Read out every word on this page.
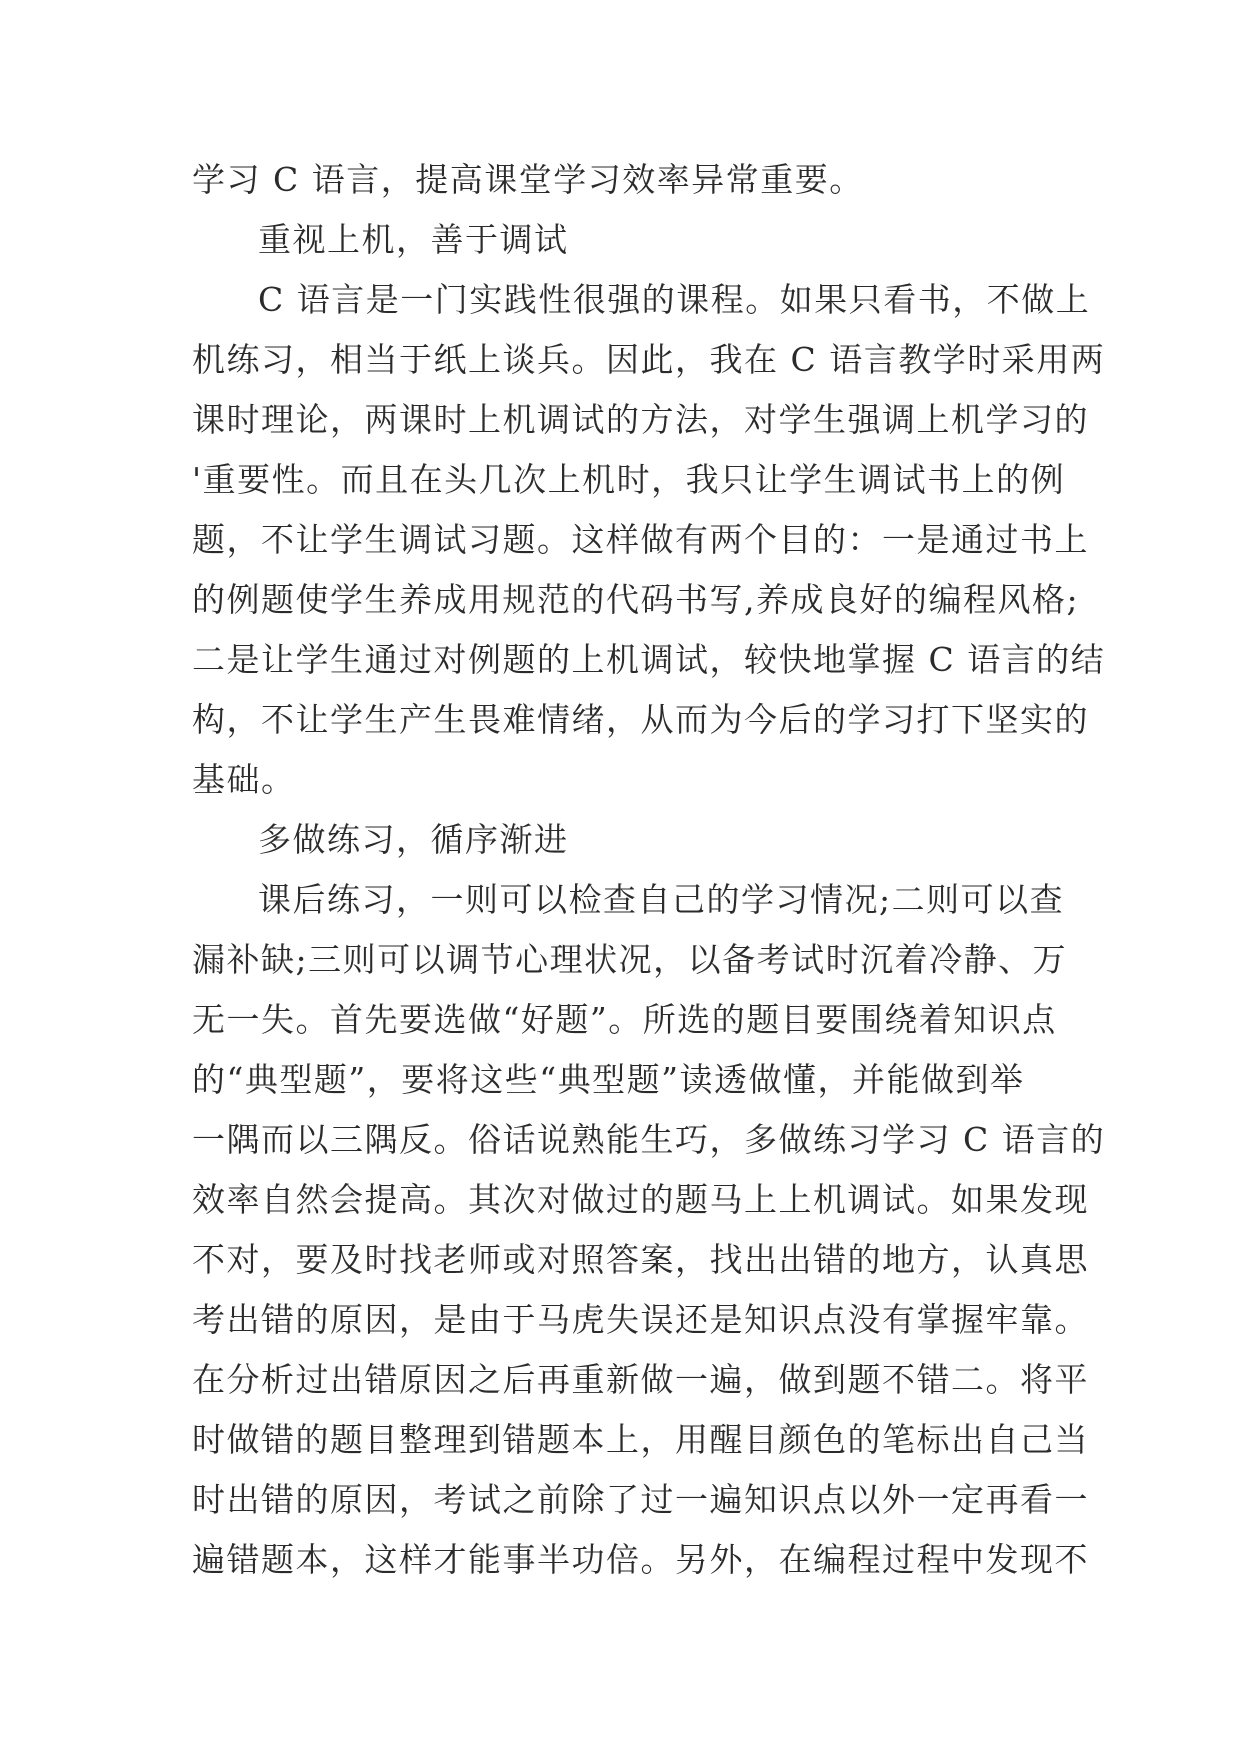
学习 C 语言，提高课堂学习效率异常重要。
重视上机，善于调试
C 语言是一门实践性很强的课程。如果只看书，不做上
机练习，相当于纸上谈兵。因此，我在 C 语言教学时采用两
课时理论，两课时上机调试的方法，对学生强调上机学习的
'重要性。而且在头几次上机时，我只让学生调试书上的例
题，不让学生调试习题。这样做有两个目的：一是通过书上
的例题使学生养成用规范的代码书写,养成良好的编程风格;
二是让学生通过对例题的上机调试，较快地掌握 C 语言的结
构，不让学生产生畏难情绪，从而为今后的学习打下坚实的
基础。
多做练习，循序渐进
课后练习，一则可以检查自己的学习情况;二则可以查
漏补缺;三则可以调节心理状况，以备考试时沉着冷静、万
无一失。首先要选做“好题”。所选的题目要围绕着知识点
的“典型题”，要将这些“典型题”读透做懂，并能做到举
一隅而以三隅反。俗话说熟能生巧，多做练习学习 C 语言的
效率自然会提高。其次对做过的题马上上机调试。如果发现
不对，要及时找老师或对照答案，找出出错的地方，认真思
考出错的原因，是由于马虎失误还是知识点没有掌握牢靠。
在分析过出错原因之后再重新做一遍，做到题不错二。将平
时做错的题目整理到错题本上，用醒目颜色的笔标出自己当
时出错的原因，考试之前除了过一遍知识点以外一定再看一
遍错题本，这样才能事半功倍。另外，在编程过程中发现不
